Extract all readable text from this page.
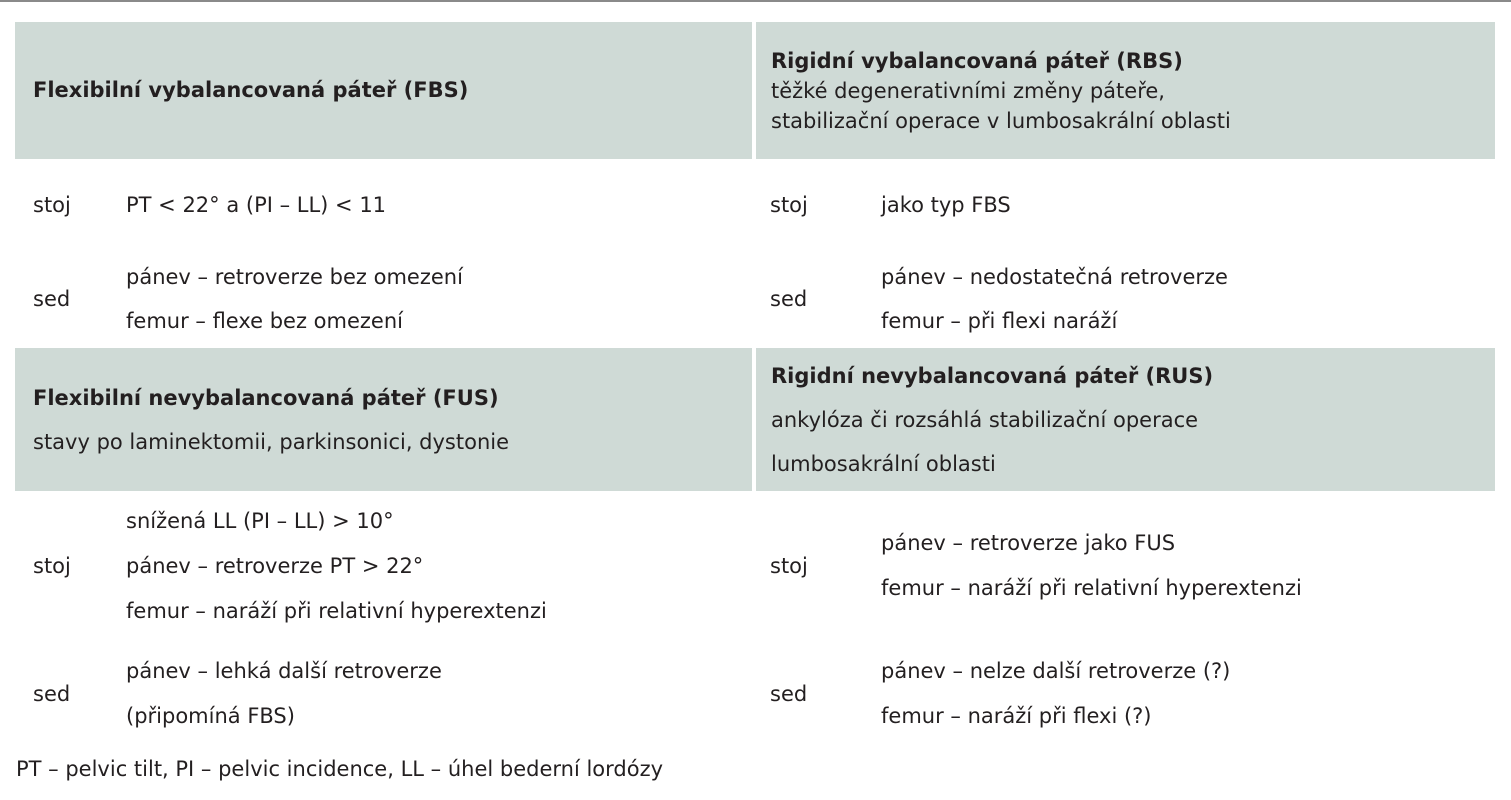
Flexibilní vybalancovaná páteř (FBS)
Rigidní vybalancovaná páteř (RBS)
těžké degenerativními změny páteře,
stabilizační operace v lumbosakrální oblasti
stoj	PT < 22° a (PI – LL) < 11
sed
pánev – retroverze bez omezení
femur – flexe bez omezení
stoj	jako typ FBS
sed
pánev – nedostatečná retroverze
femur – při flexi naráží
Flexibilní nevybalancovaná páteř (FUS)
stavy po laminektomii, parkinsonici, dystonie
Rigidní nevybalancovaná páteř (RUS)
ankylóza či rozsáhlá stabilizační operace
lumbosakrální oblasti
stoj
snížená LL (PI – LL) > 10°
pánev – retroverze PT > 22°
femur – naráží při relativní hyperextenzi
sed
pánev – lehká další retroverze
(připomíná FBS)
stoj
pánev – retroverze jako FUS
femur – naráží při relativní hyperextenzi
sed
pánev – nelze další retroverze (?)
femur – naráží při flexi (?)
PT – pelvic tilt, PI – pelvic incidence, LL – úhel bederní lordózy
